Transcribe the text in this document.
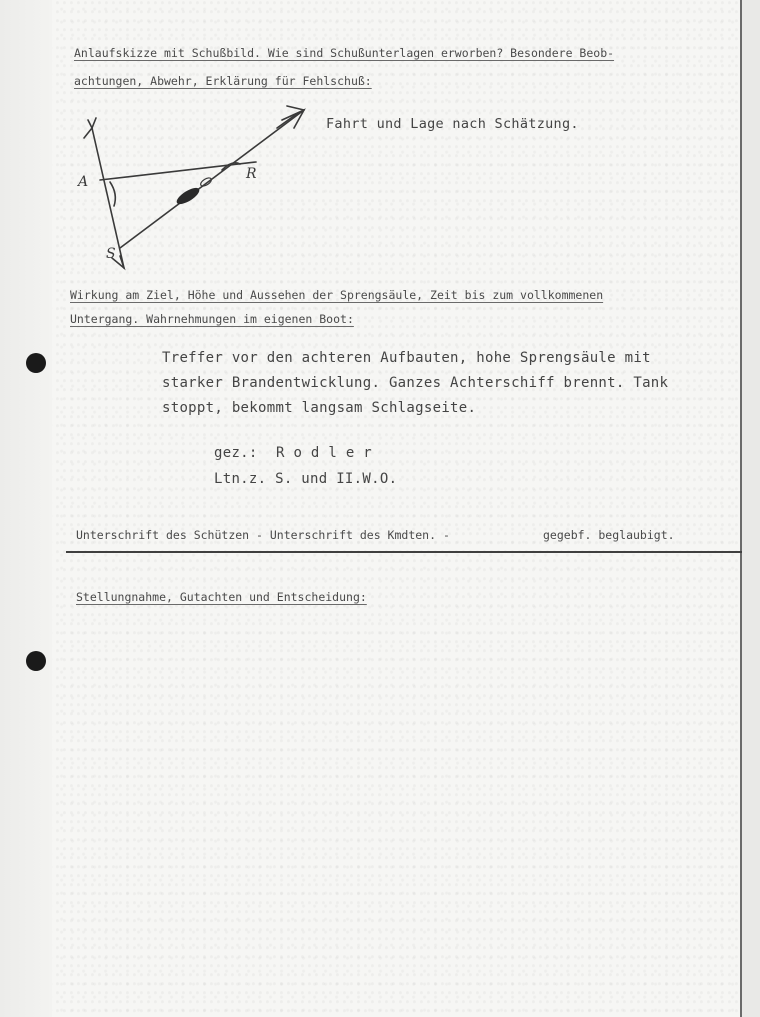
Anlaufskizze mit Schußbild. Wie sind Schußunterlagen erworben? Besondere Beob-
achtungen, Abwehr, Erklärung für Fehlschuß:
A	R
S
Fahrt und Lage nach Schätzung.
Wirkung am Ziel, Höhe und Aussehen der Sprengsäule, Zeit bis zum vollkommenen
Untergang. Wahrnehmungen im eigenen Boot:
Treffer vor den achteren Aufbauten, hohe Sprengsäule mit
starker Brandentwicklung. Ganzes Achterschiff brennt. Tank
stoppt, bekommt langsam Schlagseite.
gez.: R o d l e r
Ltn.z. S. und II.W.O.
Unterschrift des Schützen - Unterschrift des Kmdten. -	gegebf. beglaubigt.
Stellungnahme, Gutachten und Entscheidung:
